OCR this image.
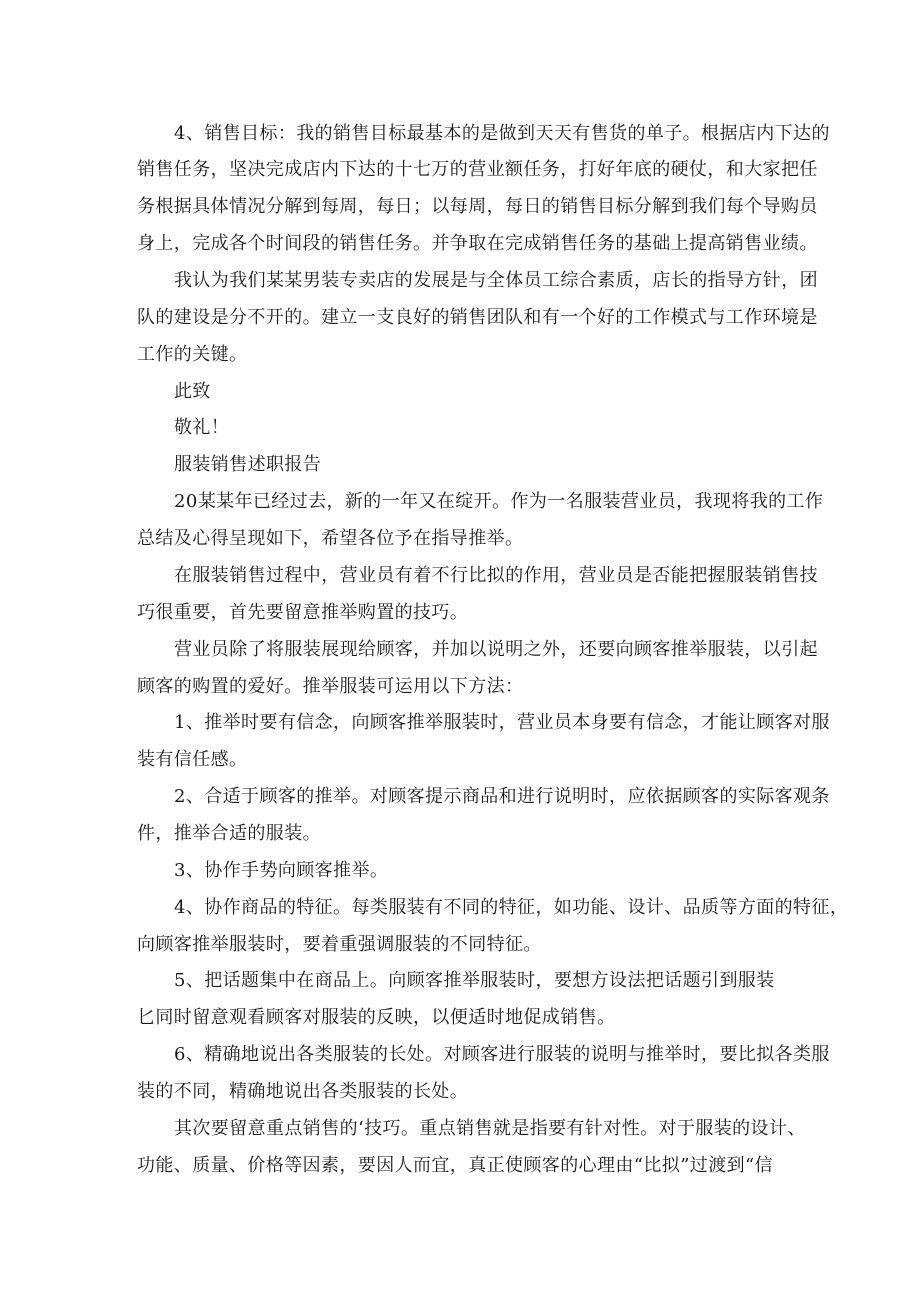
4、销售目标：我的销售目标最基本的是做到天天有售货的单子。根据店内下达的
销售任务，坚决完成店内下达的十七万的营业额任务，打好年底的硬仗，和大家把任
务根据具体情况分解到每周，每日；以每周，每日的销售目标分解到我们每个导购员
身上，完成各个时间段的销售任务。并争取在完成销售任务的基础上提高销售业绩。
我认为我们某某男装专卖店的发展是与全体员工综合素质，店长的指导方针，团
队的建设是分不开的。建立一支良好的销售团队和有一个好的工作模式与工作环境是
工作的关键。
此致
敬礼！
服装销售述职报告
20某某年已经过去，新的一年又在绽开。作为一名服装营业员，我现将我的工作
总结及心得呈现如下，希望各位予在指导推举。
在服装销售过程中，营业员有着不行比拟的作用，营业员是否能把握服装销售技
巧很重要，首先要留意推举购置的技巧。
营业员除了将服装展现给顾客，并加以说明之外，还要向顾客推举服装，以引起
顾客的购置的爱好。推举服装可运用以下方法：
1、推举时要有信念，向顾客推举服装时，营业员本身要有信念，才能让顾客对服
装有信任感。
2、合适于顾客的推举。对顾客提示商品和进行说明时，应依据顾客的实际客观条
件，推举合适的服装。
3、协作手势向顾客推举。
4、协作商品的特征。每类服装有不同的特征，如功能、设计、品质等方面的特征，
向顾客推举服装时，要着重强调服装的不同特征。
5、把话题集中在商品上。向顾客推举服装时，要想方设法把话题引到服装
匕同时留意观看顾客对服装的反映，以便适时地促成销售。
6、精确地说出各类服装的长处。对顾客进行服装的说明与推举时，要比拟各类服
装的不同，精确地说出各类服装的长处。
其次要留意重点销售的‘技巧。重点销售就是指要有针对性。对于服装的设计、
功能、质量、价格等因素，要因人而宜，真正使顾客的心理由“比拟”过渡到“信
